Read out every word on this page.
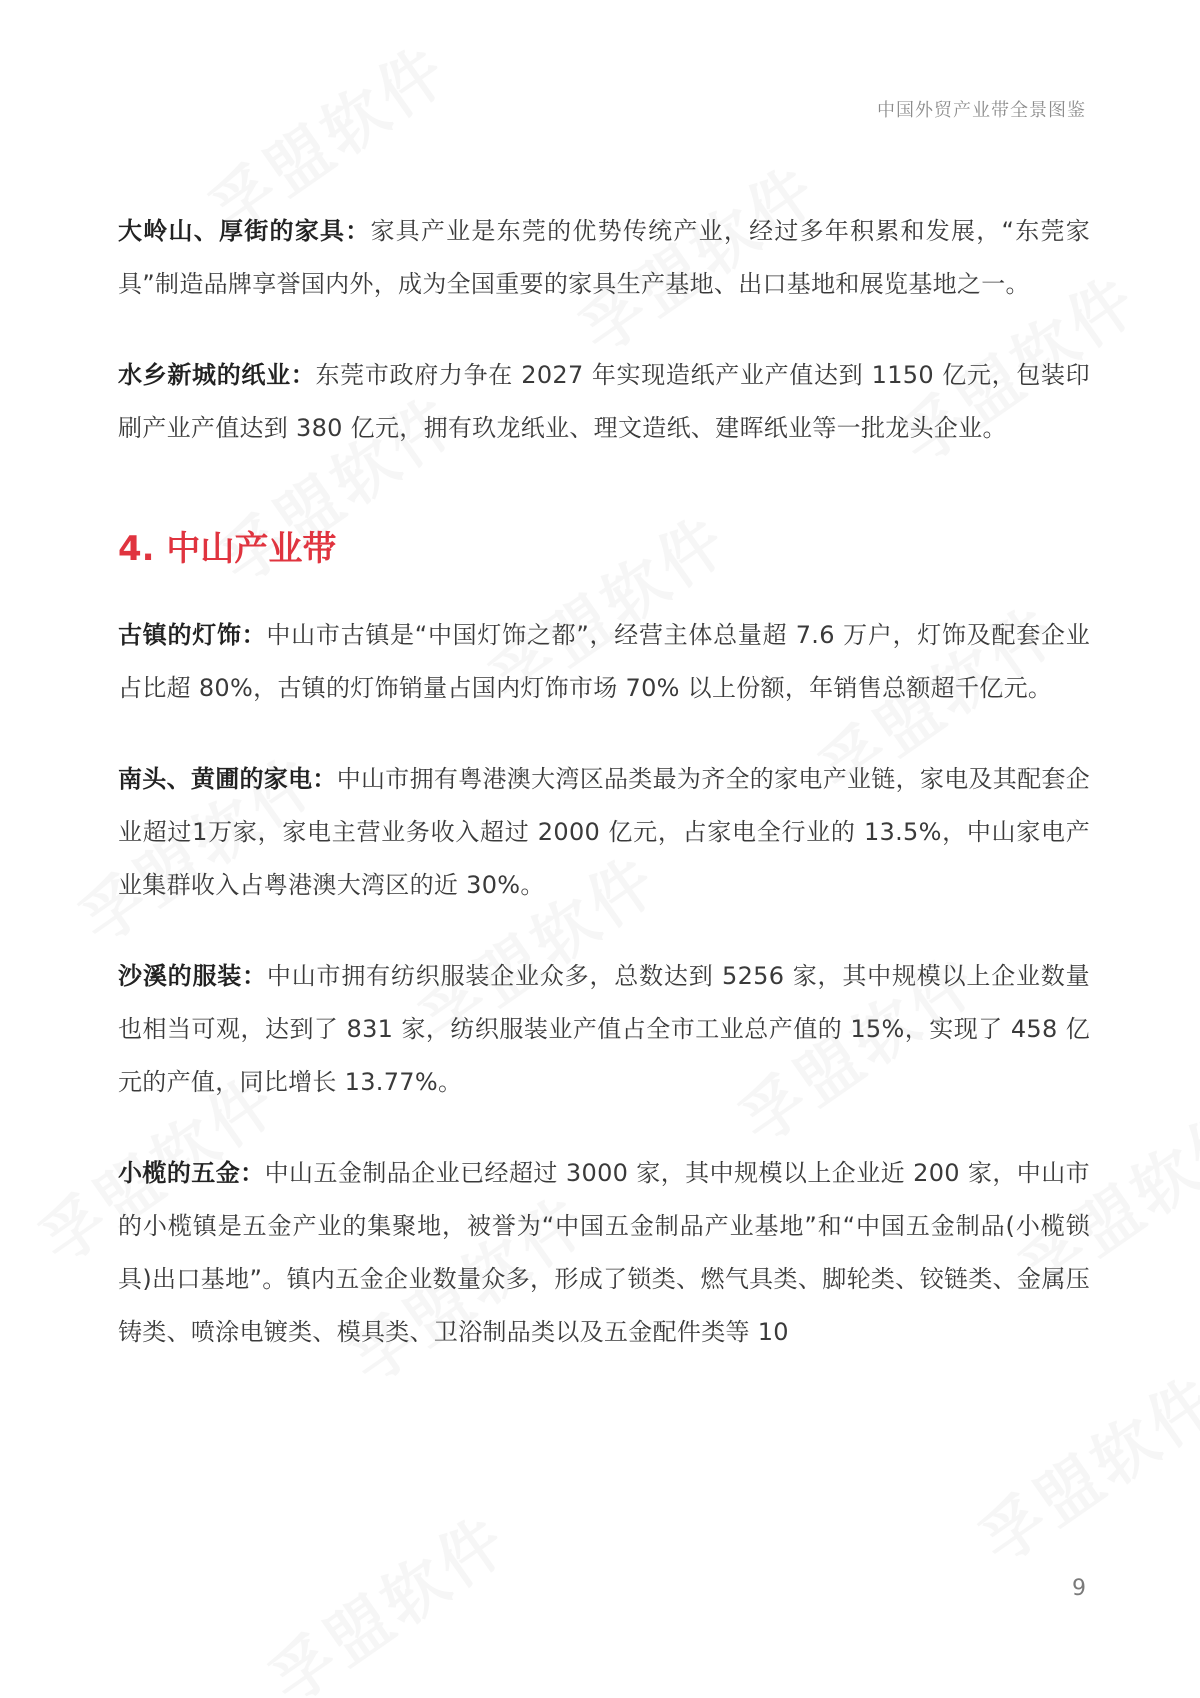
中国外贸产业带全景图鉴

大岭山、厚街的家具：家具产业是东莞的优势传统产业，经过多年积累和发展，“东莞家具”制造品牌享誉国内外，成为全国重要的家具生产基地、出口基地和展览基地之一。

水乡新城的纸业：东莞市政府力争在 2027 年实现造纸产业产值达到 1150 亿元，包装印刷产业产值达到 380 亿元，拥有玖龙纸业、理文造纸、建晖纸业等一批龙头企业。

4. 中山产业带

古镇的灯饰：中山市古镇是“中国灯饰之都”，经营主体总量超 7.6 万户，灯饰及配套企业占比超 80%，古镇的灯饰销量占国内灯饰市场 70% 以上份额，年销售总额超千亿元。

南头、黄圃的家电：中山市拥有粤港澳大湾区品类最为齐全的家电产业链，家电及其配套企业超过1万家，家电主营业务收入超过 2000 亿元，占家电全行业的 13.5%，中山家电产业集群收入占粤港澳大湾区的近 30%。

沙溪的服装：中山市拥有纺织服装企业众多，总数达到 5256 家，其中规模以上企业数量也相当可观，达到了 831 家，纺织服装业产值占全市工业总产值的 15%，实现了 458 亿元的产值，同比增长 13.77%。

小榄的五金：中山五金制品企业已经超过 3000 家，其中规模以上企业近 200 家，中山市的小榄镇是五金产业的集聚地，被誉为“中国五金制品产业基地”和“中国五金制品(小榄锁具)出口基地”。镇内五金企业数量众多，形成了锁类、燃气具类、脚轮类、铰链类、金属压铸类、喷涂电镀类、模具类、卫浴制品类以及五金配件类等 10

9
